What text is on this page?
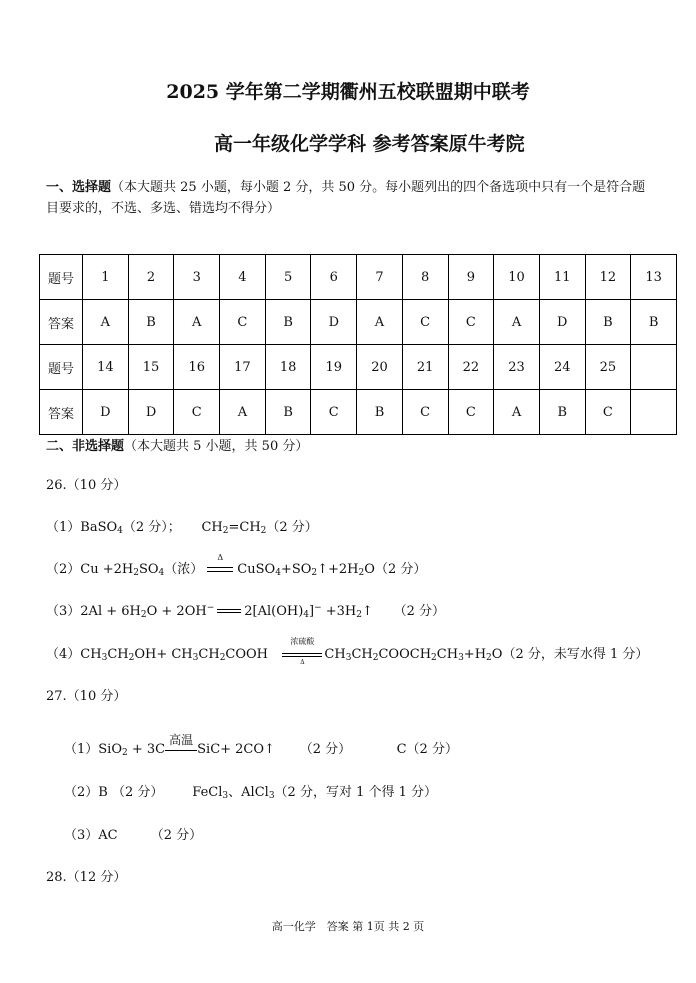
2025 学年第二学期衢州五校联盟期中联考
高一年级化学学科 参考答案原牛考院
一、选择题（本大题共 25 小题，每小题 2 分，共 50 分。每小题列出的四个备选项中只有一个是符合题目要求的，不选、多选、错选均不得分）
题号	1	2	3	4	5	6	7	8	9	10	11	12	13
答案	A	B	A	C	B	D	A	C	C	A	D	B	B
题号	14	15	16	17	18	19	20	21	22	23	24	25	
答案	D	D	C	A	B	C	B	C	C	A	B	C	
二、非选择题（本大题共 5 小题，共 50 分）
26.（10 分）
（1）BaSO$_4$（2 分）；     $CH_2=CH_2(2$ 分）
$(2)Cu +2H_2SO_4$（浓）
Δ
$CuSO_4+SO_2↑+2H_2O(2$ 分）
$(3)2Al + 6H_2O + 2OH^-$ $2[Al(OH)_4]^-$ $+3H_2↑$     （2 分）
$(4)CH_3CH_2OH+$ $CH_3CH_2COOH$
浓硫酸
Δ	$CH_3CH_2COOCH_2CH_3+H_2O(2$ 分，未写水得 1 分）
27.（10 分）
（1）SiO$_2$ + 3C
高温
SiC+ 2CO↑      （2 分）	C（2 分）
（2）B （2 分）       FeCl$_3$、AlCl$_3$（2 分，写对 1 个得 1 分）
（3）AC	（2 分）
28.（12 分）
高一化学　答案 第 1页 共 2 页
